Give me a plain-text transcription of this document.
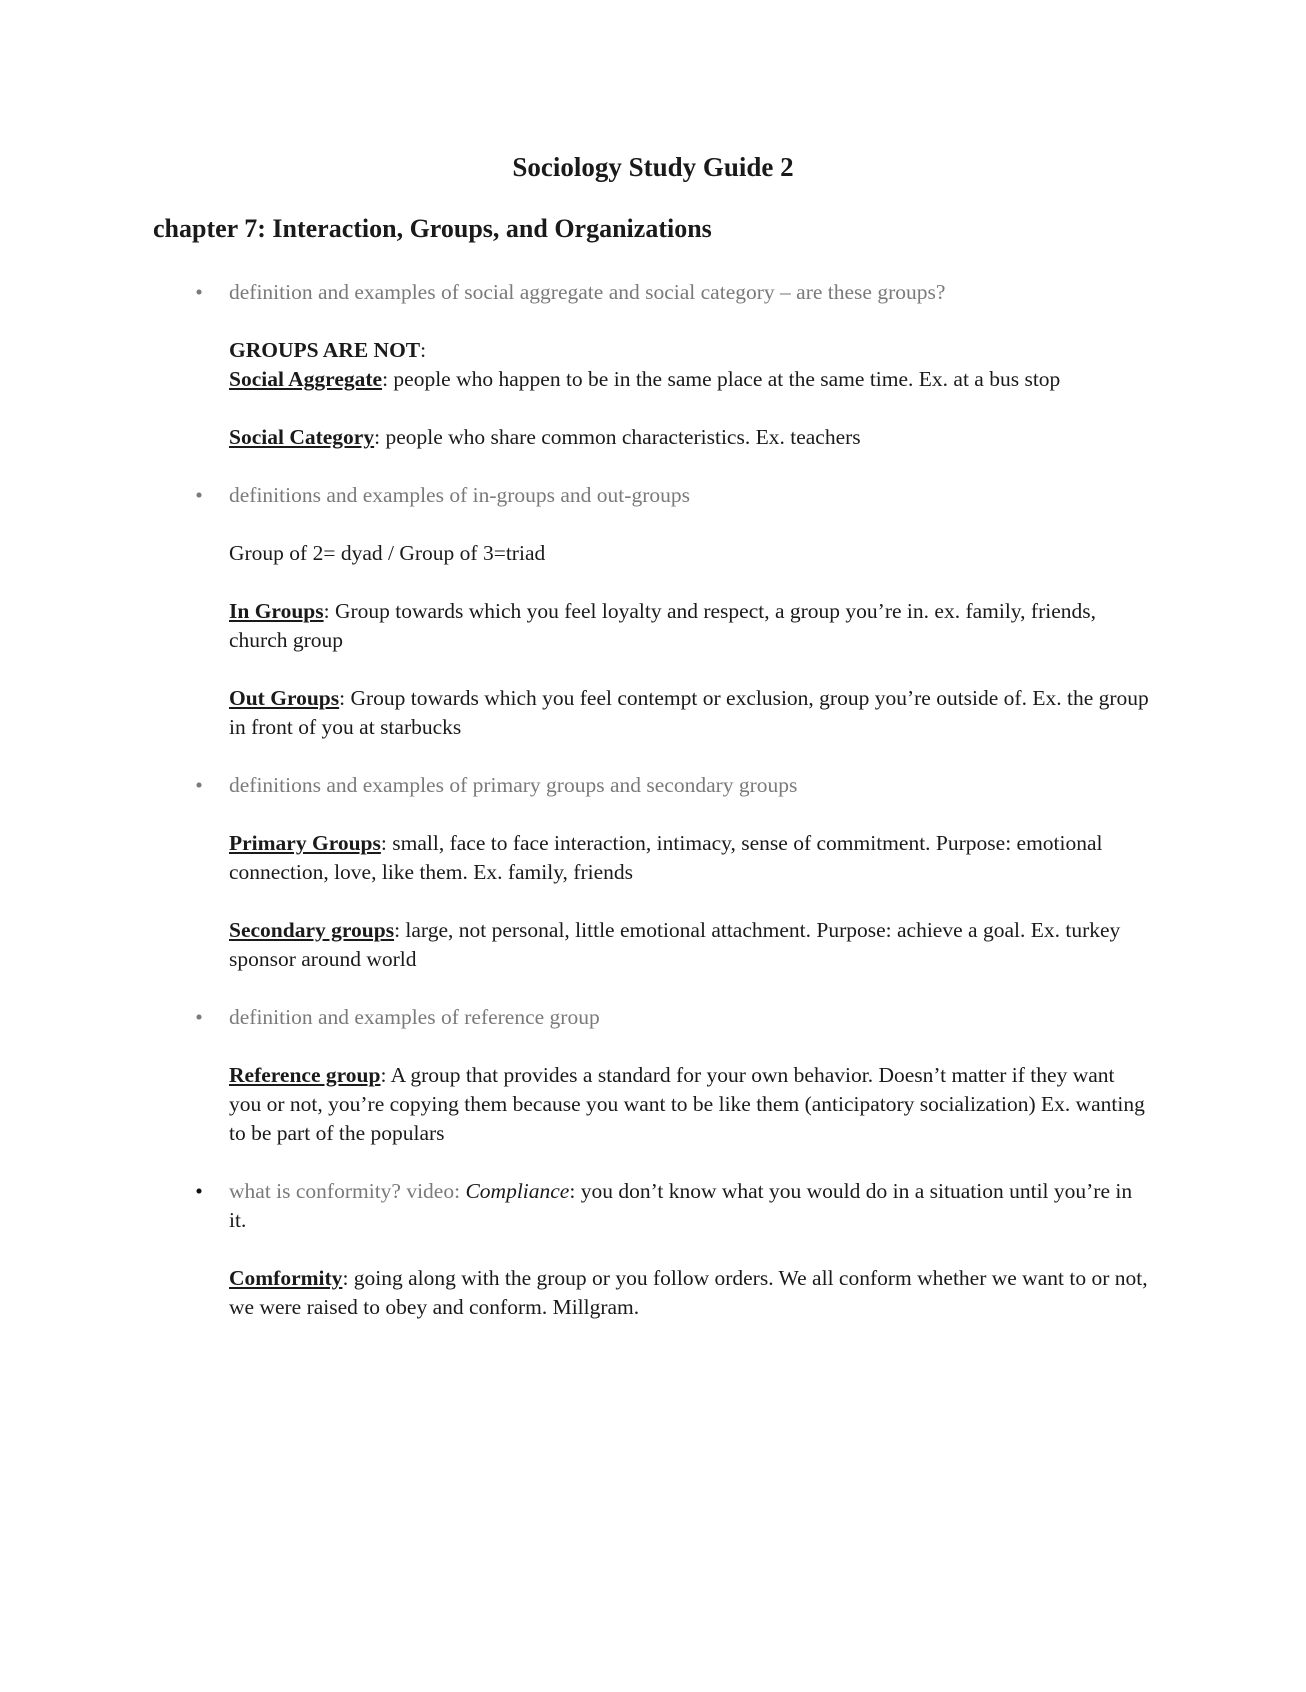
Sociology Study Guide 2
chapter 7: Interaction, Groups, and Organizations
• definition and examples of social aggregate and social category – are these groups?

GROUPS ARE NOT:

Social Aggregate: people who happen to be in the same place at the same time. Ex. at a bus stop

Social Category: people who share common characteristics. Ex. teachers

• definitions and examples of in-groups and out-groups

Group of 2= dyad / Group of 3=triad

In Groups: Group towards which you feel loyalty and respect, a group you’re in. ex. family, friends, church group

Out Groups: Group towards which you feel contempt or exclusion, group you’re outside of. Ex. the group in front of you at starbucks

• definitions and examples of primary groups and secondary groups

Primary Groups: small, face to face interaction, intimacy, sense of commitment. Purpose: emotional connection, love, like them. Ex. family, friends

Secondary groups: large, not personal, little emotional attachment. Purpose: achieve a goal. Ex. turkey sponsor around world

• definition and examples of reference group

Reference group: A group that provides a standard for your own behavior. Doesn’t matter if they want you or not, you’re copying them because you want to be like them (anticipatory socialization) Ex. wanting to be part of the populars

• what is conformity? video: Compliance: you don’t know what you would do in a situation until you’re in it.

Comformity: going along with the group or you follow orders. We all conform whether we want to or not, we were raised to obey and conform. Millgram.
